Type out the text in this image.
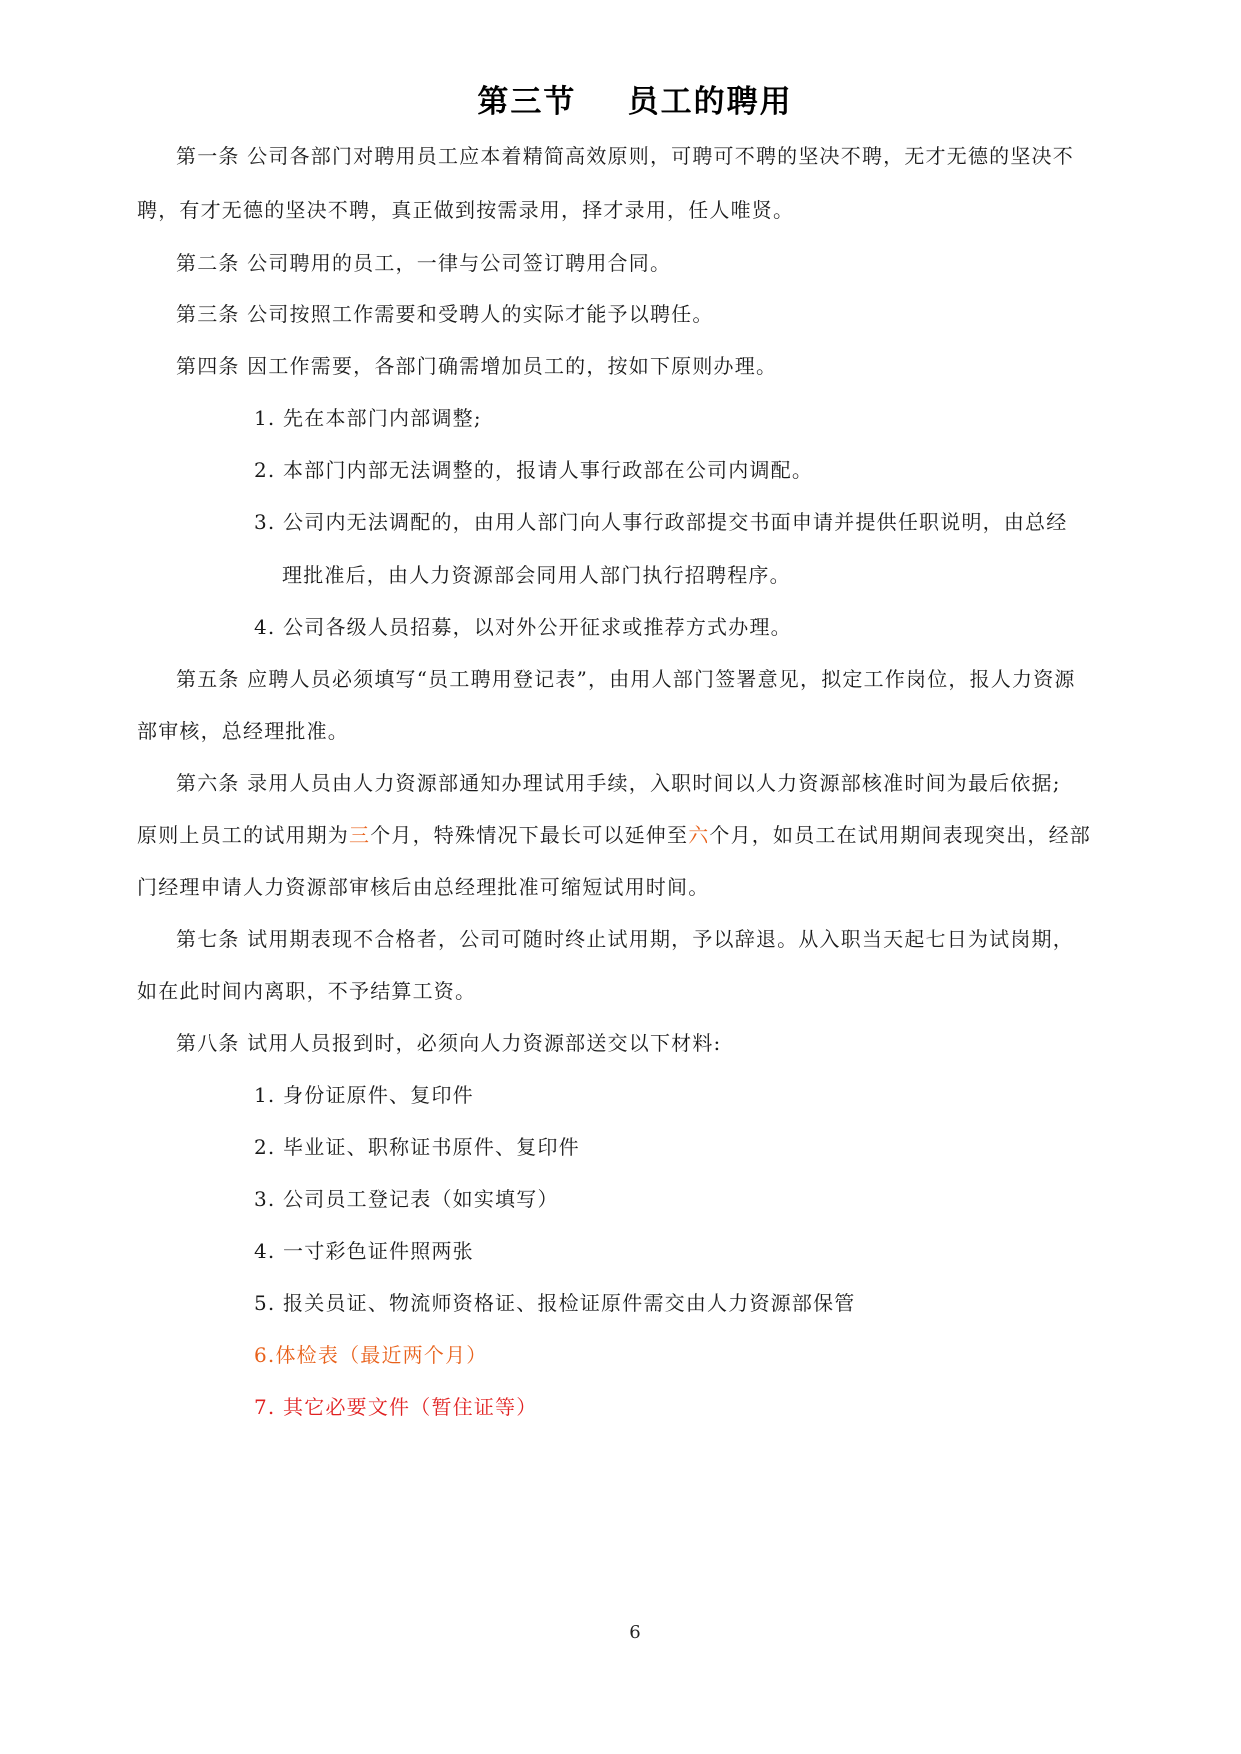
第三节    员工的聘用
第一条 公司各部门对聘用员工应本着精简高效原则，可聘可不聘的坚决不聘，无才无德的坚决不
聘，有才无德的坚决不聘，真正做到按需录用，择才录用，任人唯贤。
第二条 公司聘用的员工，一律与公司签订聘用合同。
第三条 公司按照工作需要和受聘人的实际才能予以聘任。
第四条 因工作需要，各部门确需增加员工的，按如下原则办理。
1. 先在本部门内部调整;
2. 本部门内部无法调整的，报请人事行政部在公司内调配。
3. 公司内无法调配的，由用人部门向人事行政部提交书面申请并提供任职说明，由总经
理批准后，由人力资源部会同用人部门执行招聘程序。
4. 公司各级人员招募，以对外公开征求或推荐方式办理。
第五条 应聘人员必须填写“员工聘用登记表”，由用人部门签署意见，拟定工作岗位，报人力资源
部审核，总经理批准。
第六条 录用人员由人力资源部通知办理试用手续，入职时间以人力资源部核准时间为最后依据;
原则上员工的试用期为三个月，特殊情况下最长可以延伸至六个月，如员工在试用期间表现突出，经部
门经理申请人力资源部审核后由总经理批准可缩短试用时间。
第七条 试用期表现不合格者，公司可随时终止试用期，予以辞退。从入职当天起七日为试岗期，
如在此时间内离职，不予结算工资。
第八条 试用人员报到时，必须向人力资源部送交以下材料:
1. 身份证原件、复印件
2. 毕业证、职称证书原件、复印件
3. 公司员工登记表（如实填写）
4. 一寸彩色证件照两张
5. 报关员证、物流师资格证、报检证原件需交由人力资源部保管
6.体检表（最近两个月）
7. 其它必要文件（暂住证等）
6
